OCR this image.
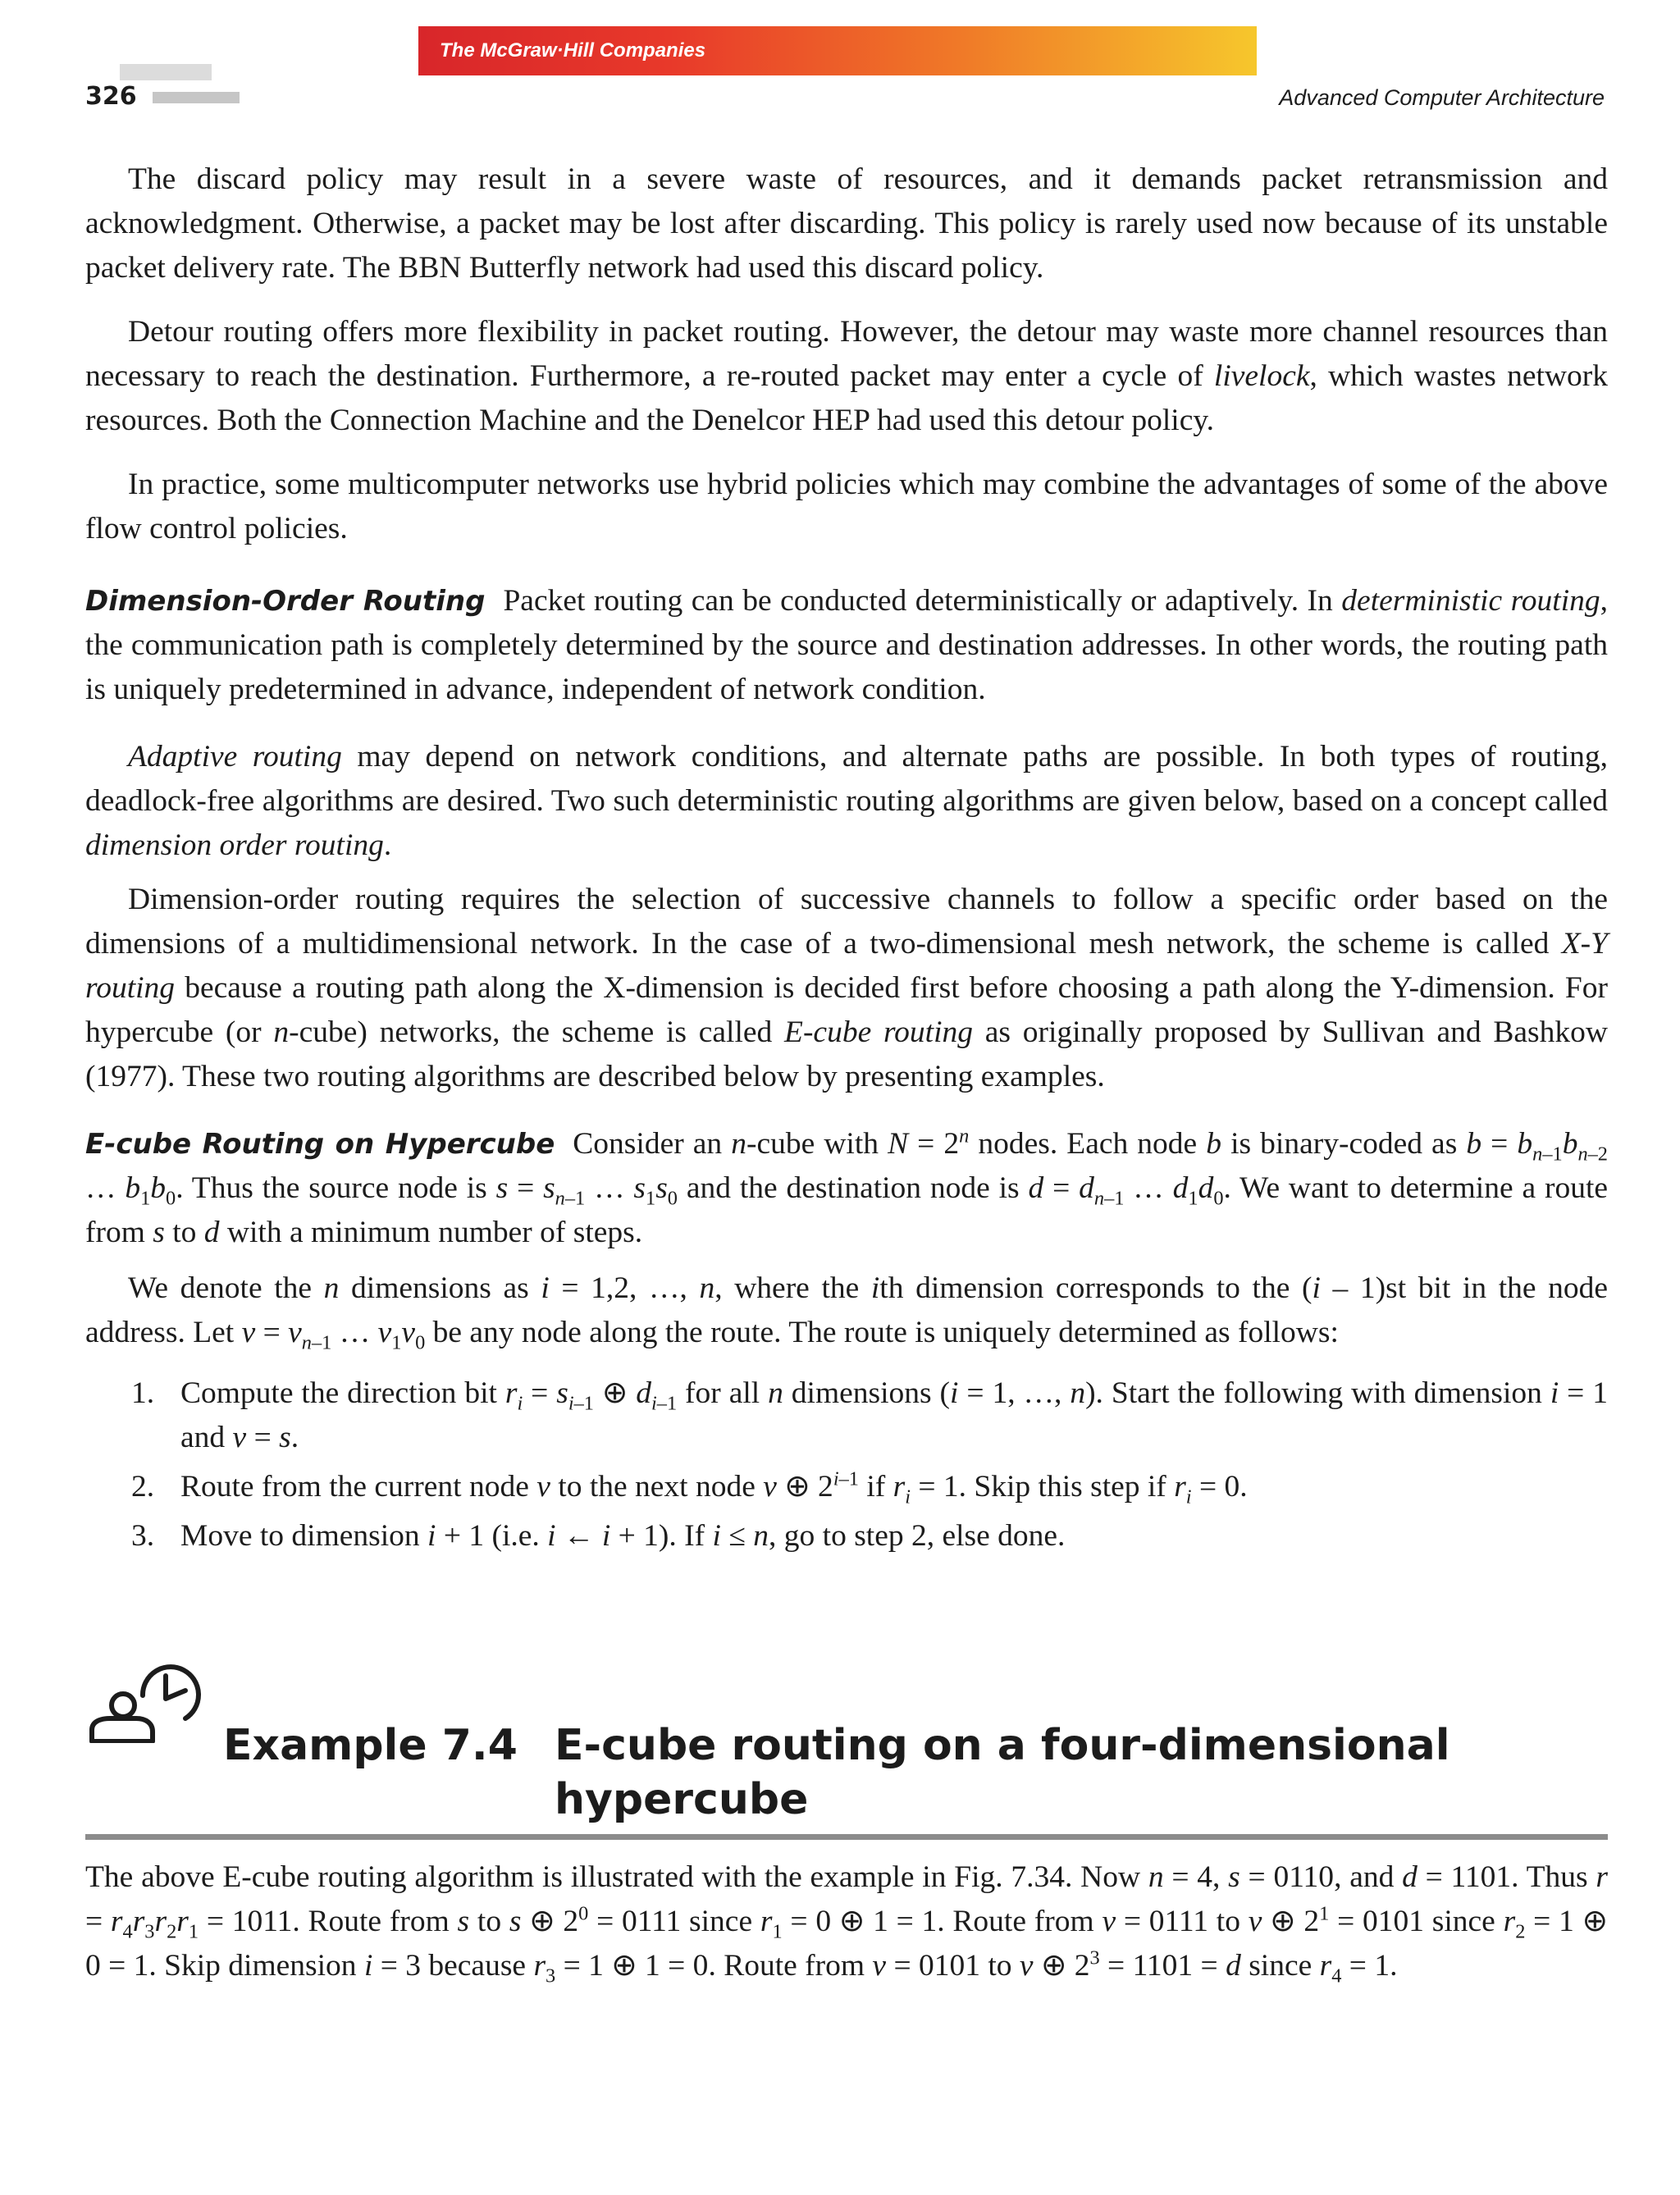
The McGraw·Hill Companies
326	Advanced Computer Architecture

The discard policy may result in a severe waste of resources, and it demands packet retransmission and acknowledgment. Otherwise, a packet may be lost after discarding. This policy is rarely used now because of its unstable packet delivery rate. The BBN Butterfly network had used this discard policy.

Detour routing offers more flexibility in packet routing. However, the detour may waste more channel resources than necessary to reach the destination. Furthermore, a re-routed packet may enter a cycle of livelock, which wastes network resources. Both the Connection Machine and the Denelcor HEP had used this detour policy.

In practice, some multicomputer networks use hybrid policies which may combine the advantages of some of the above flow control policies.

Dimension-Order Routing Packet routing can be conducted deterministically or adaptively. In deterministic routing, the communication path is completely determined by the source and destination addresses. In other words, the routing path is uniquely predetermined in advance, independent of network condition.

Adaptive routing may depend on network conditions, and alternate paths are possible. In both types of routing, deadlock-free algorithms are desired. Two such deterministic routing algorithms are given below, based on a concept called dimension order routing.

Dimension-order routing requires the selection of successive channels to follow a specific order based on the dimensions of a multidimensional network. In the case of a two-dimensional mesh network, the scheme is called X-Y routing because a routing path along the X-dimension is decided first before choosing a path along the Y-dimension. For hypercube (or n-cube) networks, the scheme is called E-cube routing as originally proposed by Sullivan and Bashkow (1977). These two routing algorithms are described below by presenting examples.

E-cube Routing on Hypercube Consider an n-cube with $N = 2^n$ nodes. Each node b is binary-coded as $b = b_{n-1}b_{n-2}$ … $b_1b_0$. Thus the source node is $s = s_{n-1}$ … $s_1s_0$ and the destination node is $d = d_{n-1}$ … $d_1d_0$. We want to determine a route from s to d with a minimum number of steps.

We denote the n dimensions as i = 1,2, …, n, where the ith dimension corresponds to the (i – 1)st bit in the node address. Let $v = v_{n-1}$ … $v_1v_0$ be any node along the route. The route is uniquely determined as follows:

1. Compute the direction bit $r_i = s_{i-1}$ ⊕ $d_{i-1}$ for all n dimensions (i = 1, …, n). Start the following with dimension i = 1 and v = s.
2. Route from the current node v to the next node v ⊕ 2$^{i-1}$ if $r_i = 1$. Skip this step if $r_i = 0$.
3. Move to dimension i + 1 (i.e. i ← i + 1). If i ≤ n, go to step 2, else done.
Example 7.4 E-cube routing on a four-dimensional hypercube

The above E-cube routing algorithm is illustrated with the example in Fig. 7.34. Now n = 4, s = 0110, and d = 1101. Thus $r = r_4r_3r_2r_1 = 1011$. Route from s to s ⊕ $2^0 = 0111$ since $r_1 = 0$ ⊕ 1 = 1. Route from v = 0111 to v ⊕ $2^1 = 0101$ since $r_2 = 1$ ⊕ 0 = 1. Skip dimension i = 3 because $r_3 = 1$ ⊕ 1 = 0. Route from v = 0101 to v ⊕ $2^3 = 1101 = d$ since $r_4 = 1$.
